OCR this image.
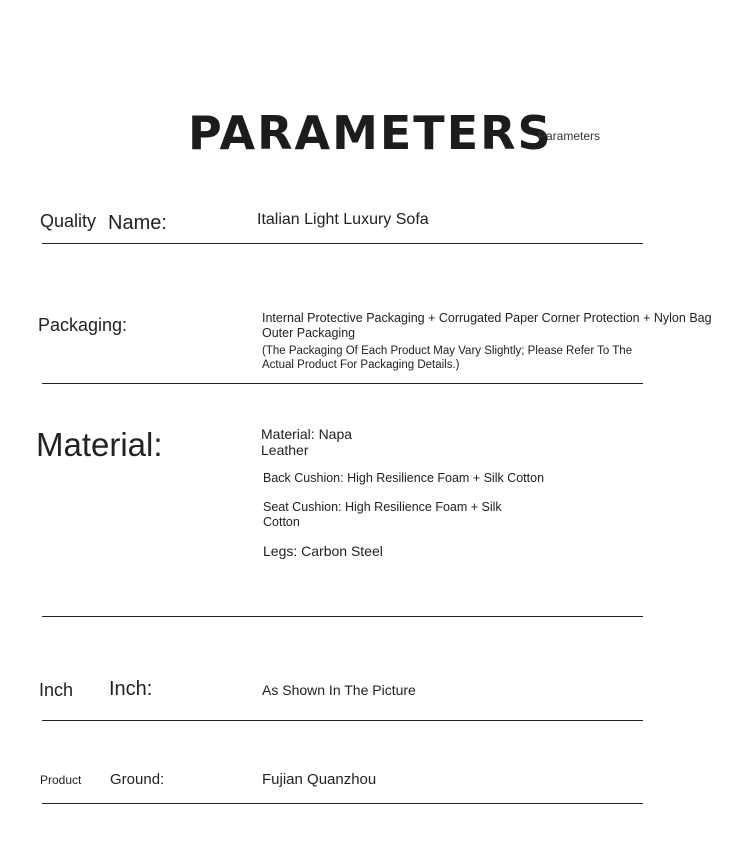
PARAMETERS
Parameters
Quality Name:	Italian Light Luxury Sofa
Packaging:	Internal Protective Packaging + Corrugated Paper Corner Protection + Nylon Bag Outer Packaging
(The Packaging Of Each Product May Vary Slightly; Please Refer To The Actual Product For Packaging Details.)
Material:	Material: Napa Leather
Back Cushion: High Resilience Foam + Silk Cotton
Seat Cushion: High Resilience Foam + Silk Cotton
Legs: Carbon Steel
Inch Inch:	As Shown In The Picture
Product Ground:	Fujian Quanzhou
